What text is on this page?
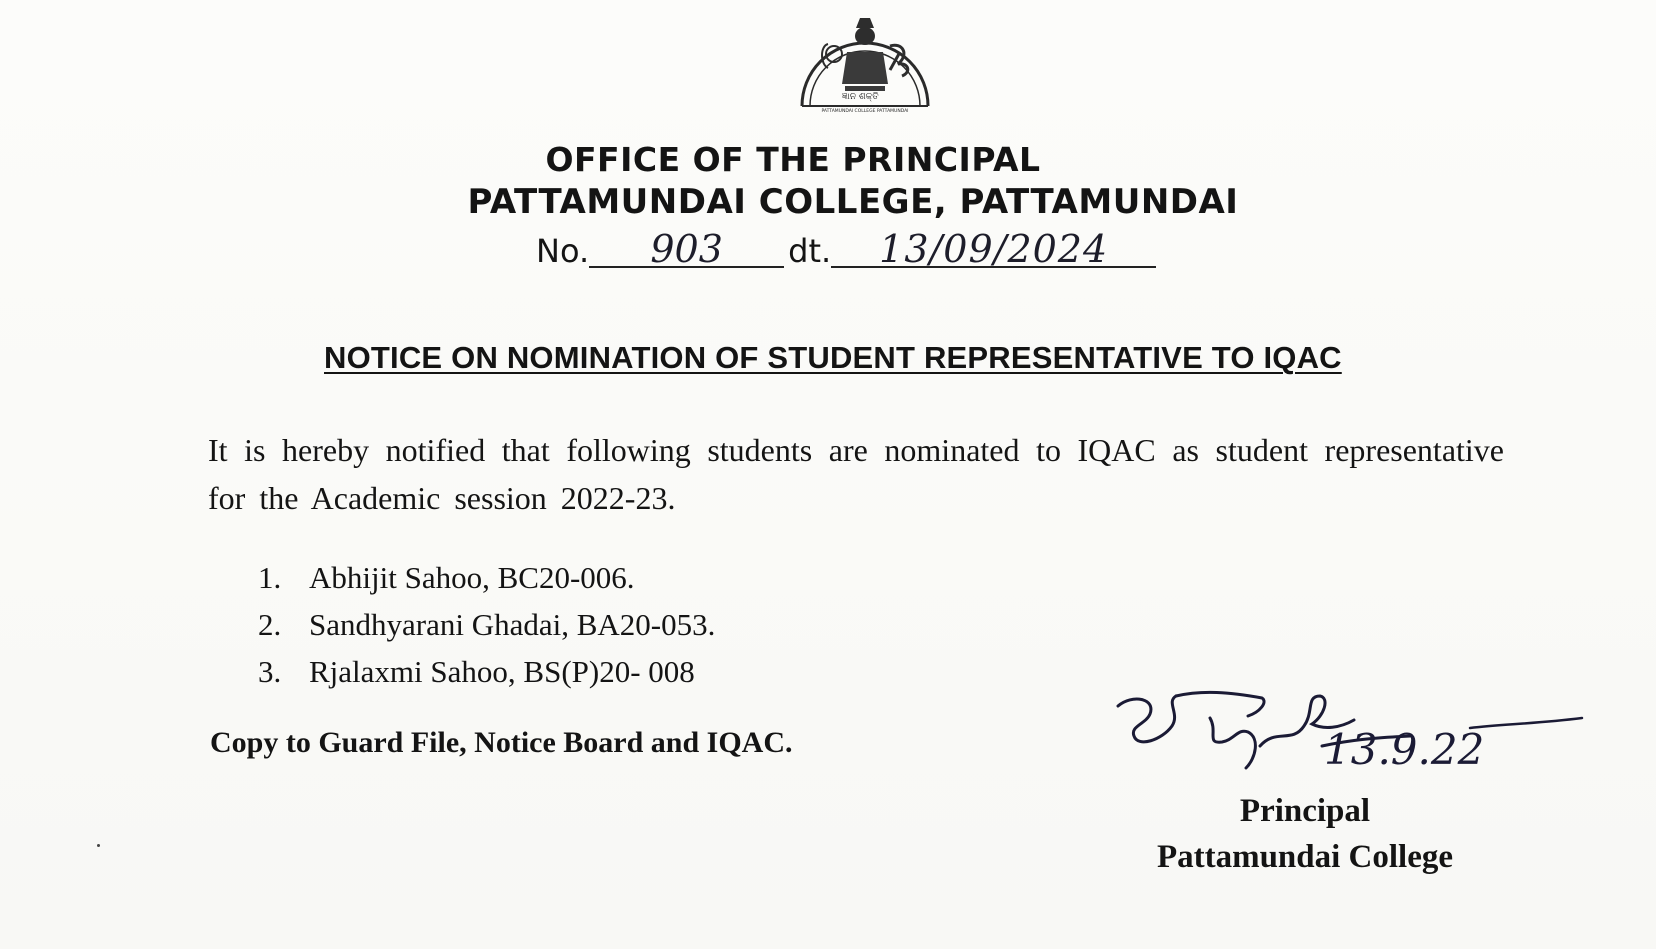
ଜ୍ଞାନ ଶକ୍ତି
PATTAMUNDAI COLLEGE PATTAMUNDAI
OFFICE OF THE PRINCIPAL
PATTAMUNDAI COLLEGE, PATTAMUNDAI
No. 903 dt. 13/09/2024
NOTICE ON NOMINATION OF STUDENT REPRESENTATIVE TO IQAC
It is hereby notified that following students are nominated to IQAC as student representative for the Academic session 2022-23.
1. Abhijit Sahoo, BC20-006.
2. Sandhyarani Ghadai, BA20-053.
3. Rjalaxmi Sahoo, BS(P)20- 008
Copy to Guard File, Notice Board and IQAC.	13.9.22
Principal
Pattamundai College
